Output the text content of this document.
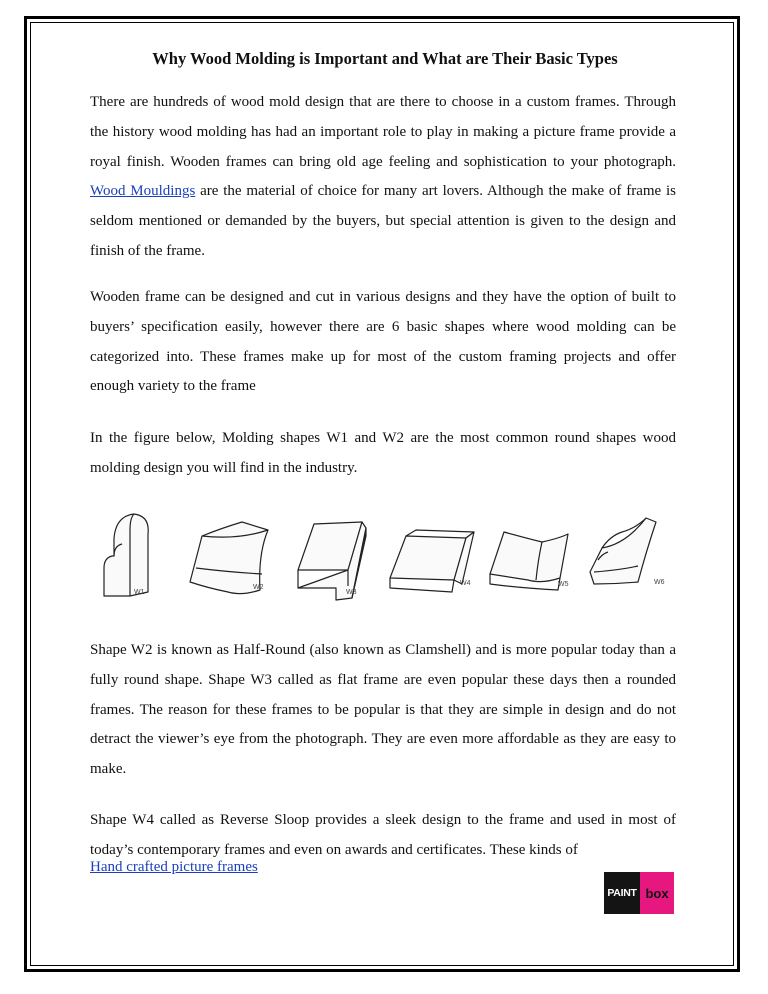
Why Wood Molding is Important and What are Their Basic Types

There are hundreds of wood mold design that are there to choose in a custom frames. Through the history wood molding has had an important role to play in making a picture frame provide a royal finish. Wooden frames can bring old age feeling and sophistication to your photograph. Wood Mouldings are the material of choice for many art lovers. Although the make of frame is seldom mentioned or demanded by the buyers, but special attention is given to the design and finish of the frame.

Wooden frame can be designed and cut in various designs and they have the option of built to buyers’ specification easily, however there are 6 basic shapes where wood molding can be categorized into. These frames make up for most of the custom framing projects and offer enough variety to the frame

In the figure below, Molding shapes W1 and W2 are the most common round shapes wood molding design you will find in the industry.

W1
W2
W3
W4	W5	W6

Shape W2 is known as Half-Round (also known as Clamshell) and is more popular today than a fully round shape. Shape W3 called as flat frame are even popular these days then a rounded frames. The reason for these frames to be popular is that they are simple in design and do not detract the viewer’s eye from the photograph. They are even more affordable as they are easy to make.

Shape W4 called as Reverse Sloop provides a sleek design to the frame and used in most of today’s contemporary frames and even on awards and certificates. These kinds of

Hand crafted picture frames
PAINT box
